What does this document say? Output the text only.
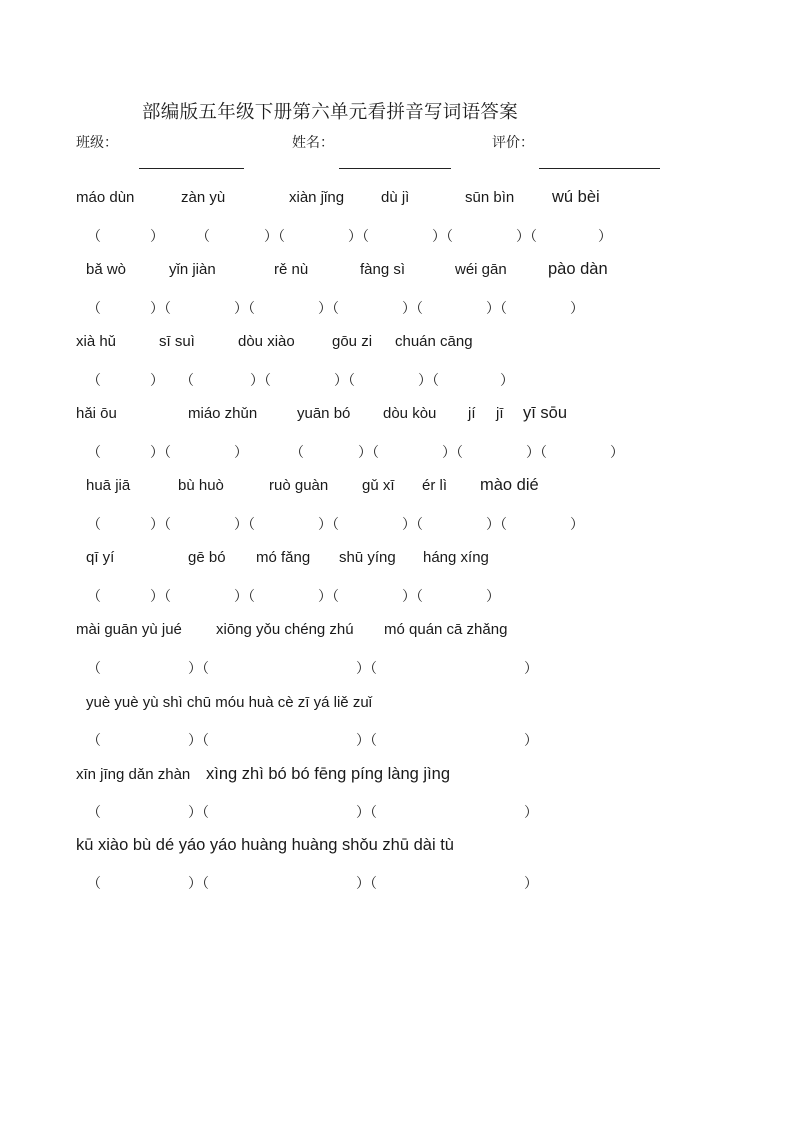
部编版五年级下册第六单元看拼音写词语答案
班级：	姓名：	评价：
máo dùn	zàn yù	xiàn jǐng dù jì	sūn bìn wú bèi
bǎ wò	yǐn jiàn	rě nù	fàng sì	wéi gān	pào dàn
xià hǔ	sī suì	dòu xiào gōu zi chuán cāng
hǎi ōu	miáo zhǔn	yuān bó dòu kòu jí jī yī sōu
huā jiā	bù huò	ruò guàn gǔ xī ér lì mào dié
qī yí	gē bó mó fǎng shū yíng háng xíng
mài guān yù jué xiōng yǒu chéng zhú mó quán cā zhǎng
yuè yuè yù shì chū móu huà cè zī yá liě zuǐ
xīn jīng dǎn zhàn xìng zhì bó bó fēng píng làng jìng
kū xiào bù dé yáo yáo huàng huàng shǒu zhū dài tù
（	） （	）（	）（	）（	）（	）
（	）（	）（	）（	）（	）（	）
（	） （	）（	）（	）（	）
（	）（	）	（	）（	）（	）（	）
（	）（	）（	）（	）（	）（	）
（	）（	）（	）（	）（	）
（	）（	）（	）
（	）（	）（	）
（	）（	）（	）
（	）（	）（	）
